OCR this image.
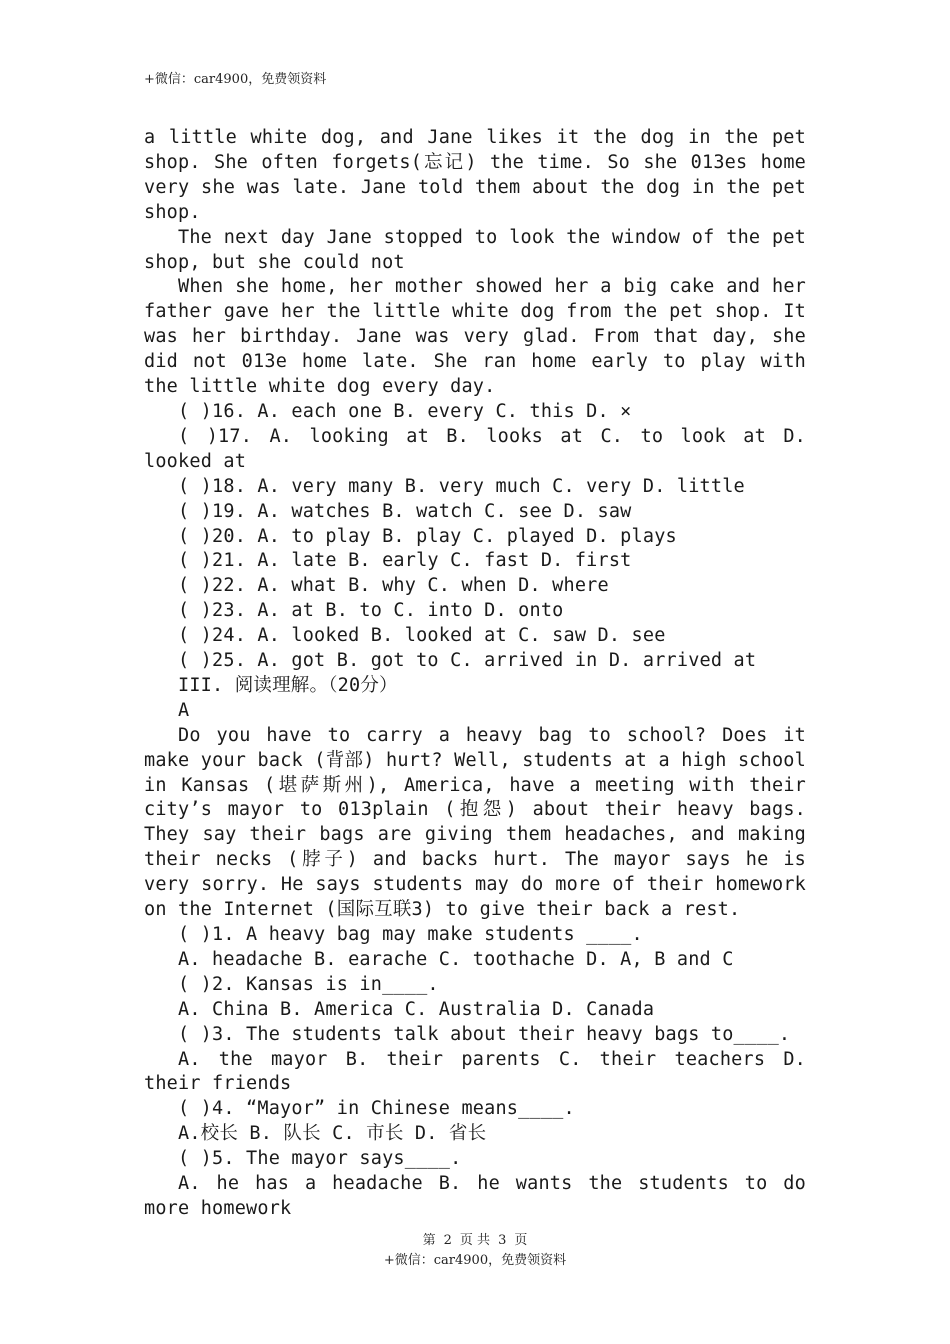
+微信：car4900，免费领资料

a little white dog, and Jane likes it the dog in the pet shop. She often forgets(忘记) the time. So she 013es home very she was late. Jane told them about the dog in the pet shop.

The next day Jane stopped to look the window of the pet shop, but she could not

When she home, her mother showed her a big cake and her father gave her the little white dog from the pet shop. It was her birthday. Jane was very glad. From that day, she did not 013e home late. She ran home early to play with the little white dog every day.

( )16. A. each one B. every C. this D. ×

( )17. A. looking at B. looks at C. to look at D. looked at

( )18. A. very many B. very much C. very D. little

( )19. A. watches B. watch C. see D. saw

( )20. A. to play B. play C. played D. plays

( )21. A. late B. early C. fast D. first

( )22. A. what B. why C. when D. where

( )23. A. at B. to C. into D. onto

( )24. A. looked B. looked at C. saw D. see

( )25. A. got B. got to C. arrived in D. arrived at

III. 阅读理解。（20分）

A

Do you have to carry a heavy bag to school? Does it make your back (背部) hurt? Well, students at a high school in Kansas (堪萨斯州), America, have a meeting with their city’s mayor to 013plain (抱怨) about their heavy bags. They say their bags are giving them headaches, and making their necks (脖子) and backs hurt. The mayor says he is very sorry. He says students may do more of their homework on the Internet (国际互联3) to give their back a rest.

( )1. A heavy bag may make students ____.

A. headache B. earache C. toothache D. A, B and C

( )2. Kansas is in____.

A. China B. America C. Australia D. Canada

( )3. The students talk about their heavy bags to____.

A. the mayor B. their parents C. their teachers D. their friends

( )4. “Mayor” in Chinese means____.

A.校长 B. 队长 C. 市长 D. 省长

( )5. The mayor says____.

A. he has a headache B. he wants the students to do more homework

第 2 页 共 3 页
+微信：car4900，免费领资料
